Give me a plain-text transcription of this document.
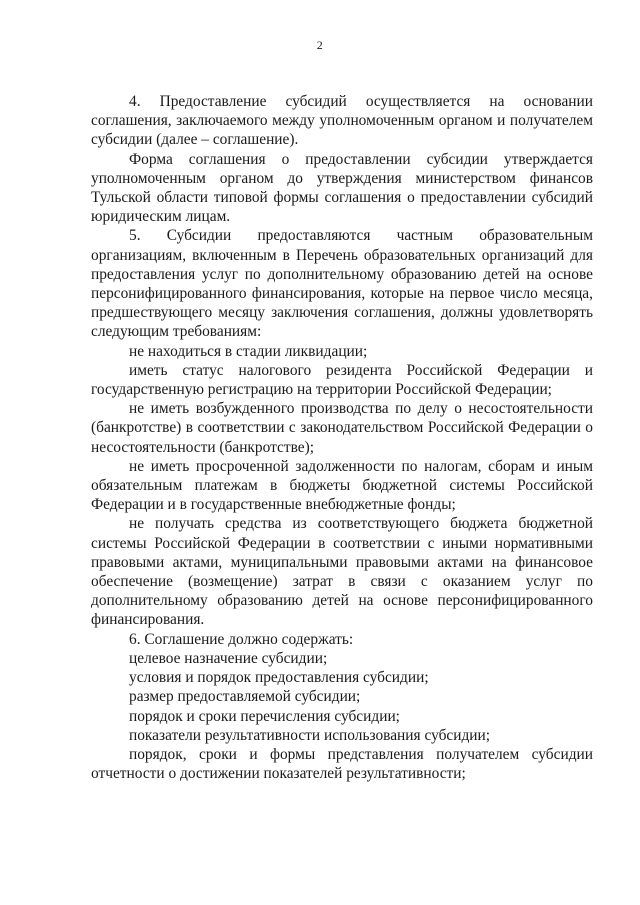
2

4. Предоставление субсидий осуществляется на основании соглашения, заключаемого между уполномоченным органом и получателем субсидии (далее – соглашение).

Форма соглашения о предоставлении субсидии утверждается уполномоченным органом до утверждения министерством финансов Тульской области типовой формы соглашения о предоставлении субсидий юридическим лицам.

5. Субсидии предоставляются частным образовательным организациям, включенным в Перечень образовательных организаций для предоставления услуг по дополнительному образованию детей на основе персонифицированного финансирования, которые на первое число месяца, предшествующего месяцу заключения соглашения, должны удовлетворять следующим требованиям:

не находиться в стадии ликвидации;

иметь статус налогового резидента Российской Федерации и государственную регистрацию на территории Российской Федерации;

не иметь возбужденного производства по делу о несостоятельности (банкротстве) в соответствии с законодательством Российской Федерации о несостоятельности (банкротстве);

не иметь просроченной задолженности по налогам, сборам и иным обязательным платежам в бюджеты бюджетной системы Российской Федерации и в государственные внебюджетные фонды;

не получать средства из соответствующего бюджета бюджетной системы Российской Федерации в соответствии с иными нормативными правовыми актами, муниципальными правовыми актами на финансовое обеспечение (возмещение) затрат в связи с оказанием услуг по дополнительному образованию детей на основе персонифицированного финансирования.

6. Соглашение должно содержать:

целевое назначение субсидии;

условия и порядок предоставления субсидии;

размер предоставляемой субсидии;

порядок и сроки перечисления субсидии;

показатели результативности использования субсидии;

порядок, сроки и формы представления получателем субсидии отчетности о достижении показателей результативности;
